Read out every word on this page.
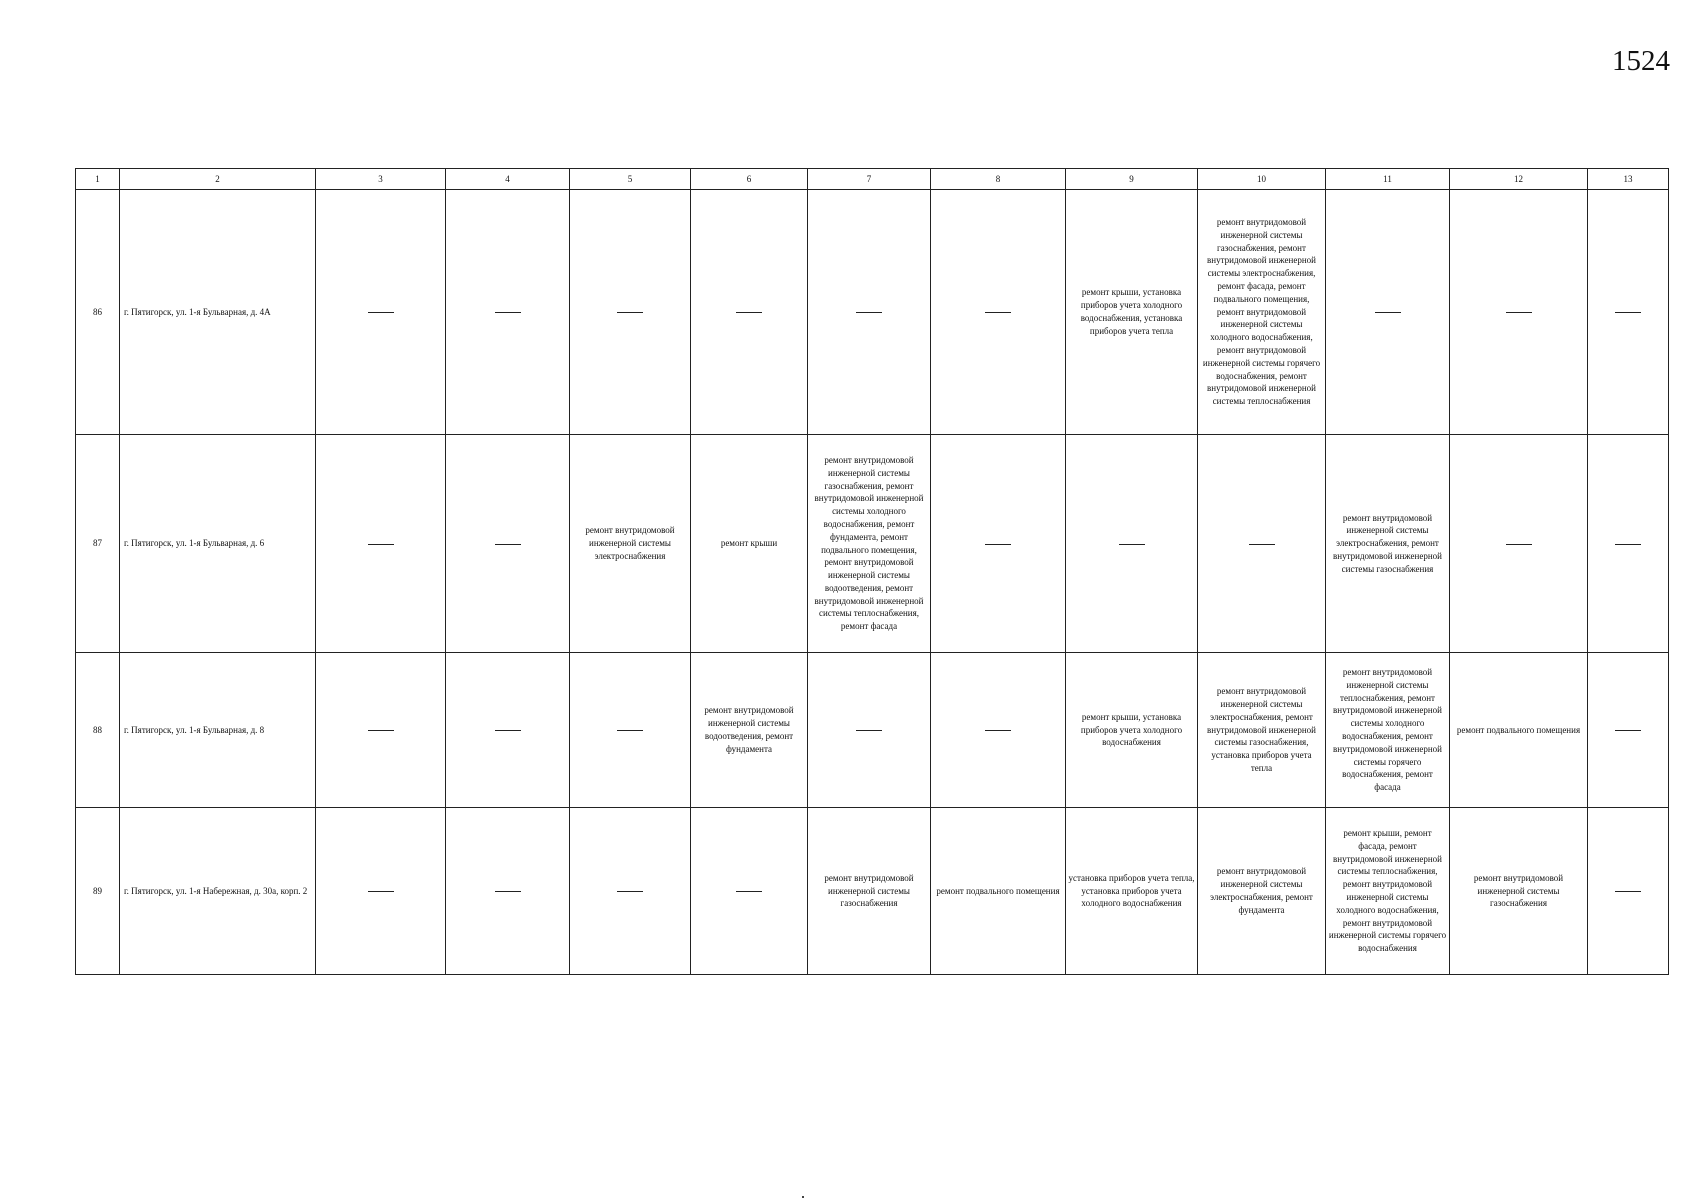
1524
1	2	3	4	5	6	7	8	9	10	11	12	13
86	г. Пятигорск, ул. 1-я Бульварная, д. 4А							ремонт крыши, установка приборов учета холодного водоснабжения, установка приборов учета тепла	ремонт внутридомовой инженерной системы газоснабжения, ремонт внутридомовой инженерной системы электроснабжения, ремонт фасада, ремонт подвального помещения, ремонт внутридомовой инженерной системы холодного водоснабжения, ремонт внутридомовой инженерной системы горячего водоснабжения, ремонт внутридомовой инженерной системы теплоснабжения			
87	г. Пятигорск, ул. 1-я Бульварная, д. 6			ремонт внутридомовой инженерной системы электроснабжения	ремонт крыши	ремонт внутридомовой инженерной системы газоснабжения, ремонт внутридомовой инженерной системы холодного водоснабжения, ремонт фундамента, ремонт подвального помещения, ремонт внутридомовой инженерной системы водоотведения, ремонт внутридомовой инженерной системы теплоснабжения, ремонт фасада				ремонт внутридомовой инженерной системы электроснабжения, ремонт внутридомовой инженерной системы газоснабжения		
88	г. Пятигорск, ул. 1-я Бульварная, д. 8				ремонт внутридомовой инженерной системы водоотведения, ремонт фундамента			ремонт крыши, установка приборов учета холодного водоснабжения	ремонт внутридомовой инженерной системы электроснабжения, ремонт внутридомовой инженерной системы газоснабжения, установка приборов учета тепла	ремонт внутридомовой инженерной системы теплоснабжения, ремонт внутридомовой инженерной системы холодного водоснабжения, ремонт внутридомовой инженерной системы горячего водоснабжения, ремонт фасада	ремонт подвального помещения	
89	г. Пятигорск, ул. 1-я Набережная, д. 30а, корп. 2					ремонт внутридомовой инженерной системы газоснабжения	ремонт подвального помещения	установка приборов учета тепла, установка приборов учета холодного водоснабжения	ремонт внутридомовой инженерной системы электроснабжения, ремонт фундамента	ремонт крыши, ремонт фасада, ремонт внутридомовой инженерной системы теплоснабжения, ремонт внутридомовой инженерной системы холодного водоснабжения, ремонт внутридомовой инженерной системы горячего водоснабжения	ремонт внутридомовой инженерной системы газоснабжения	
